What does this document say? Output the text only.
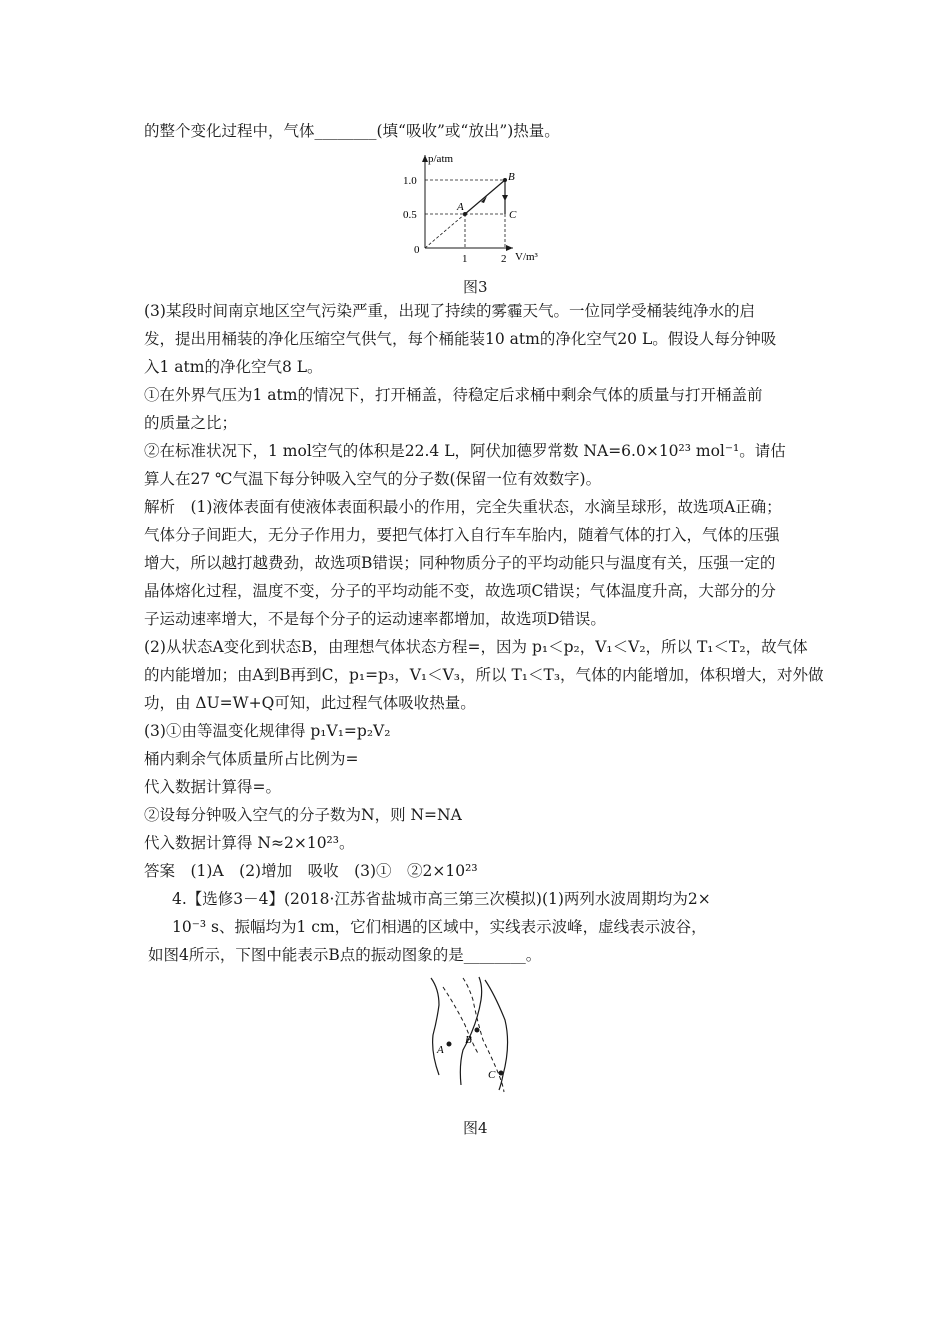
p/atm
V/m³
1.0
0.5
0
1	2
A
B
C
图3
的整个变化过程中，气体________(填“吸收”或“放出”)热量。
(3)某段时间南京地区空气污染严重，出现了持续的雾霾天气。一位同学受桶装纯净水的启
发，提出用桶装的净化压缩空气供气，每个桶能装10 atm的净化空气20 L。假设人每分钟吸
入1 atm的净化空气8 L。
①在外界气压为1 atm的情况下，打开桶盖，待稳定后求桶中剩余气体的质量与打开桶盖前
的质量之比；
②在标准状况下，1 mol空气的体积是22.4 L，阿伏加德罗常数 NA=6.0×10²³ mol⁻¹。请估
算人在27 ℃气温下每分钟吸入空气的分子数(保留一位有效数字)。
解析　(1)液体表面有使液体表面积最小的作用，完全失重状态，水滴呈球形，故选项A正确；
气体分子间距大，无分子作用力，要把气体打入自行车车胎内，随着气体的打入，气体的压强
增大，所以越打越费劲，故选项B错误；同种物质分子的平均动能只与温度有关，压强一定的
晶体熔化过程，温度不变，分子的平均动能不变，故选项C错误；气体温度升高，大部分的分
子运动速率增大，不是每个分子的运动速率都增加，故选项D错误。
(2)从状态A变化到状态B，由理想气体状态方程=，因为 p₁＜p₂，V₁＜V₂，所以 T₁＜T₂，故气体
的内能增加；由A到B再到C，p₁=p₃，V₁＜V₃，所以 T₁＜T₃，气体的内能增加，体积增大，对外做
功，由 ΔU=W+Q可知，此过程气体吸收热量。
(3)①由等温变化规律得 p₁V₁=p₂V₂
桶内剩余气体质量所占比例为=
代入数据计算得=。
②设每分钟吸入空气的分子数为N，则 N=NA
代入数据计算得 N≈2×10²³。
答案　(1)A　(2)增加　吸收　(3)①　②2×10²³
4.【选修3－4】(2018·江苏省盐城市高三第三次模拟)(1)两列水波周期均为2×
10⁻³ s、振幅均为1 cm，它们相遇的区域中，实线表示波峰，虚线表示波谷，
如图4所示，下图中能表示B点的振动图象的是________。
A
B
C
图4
